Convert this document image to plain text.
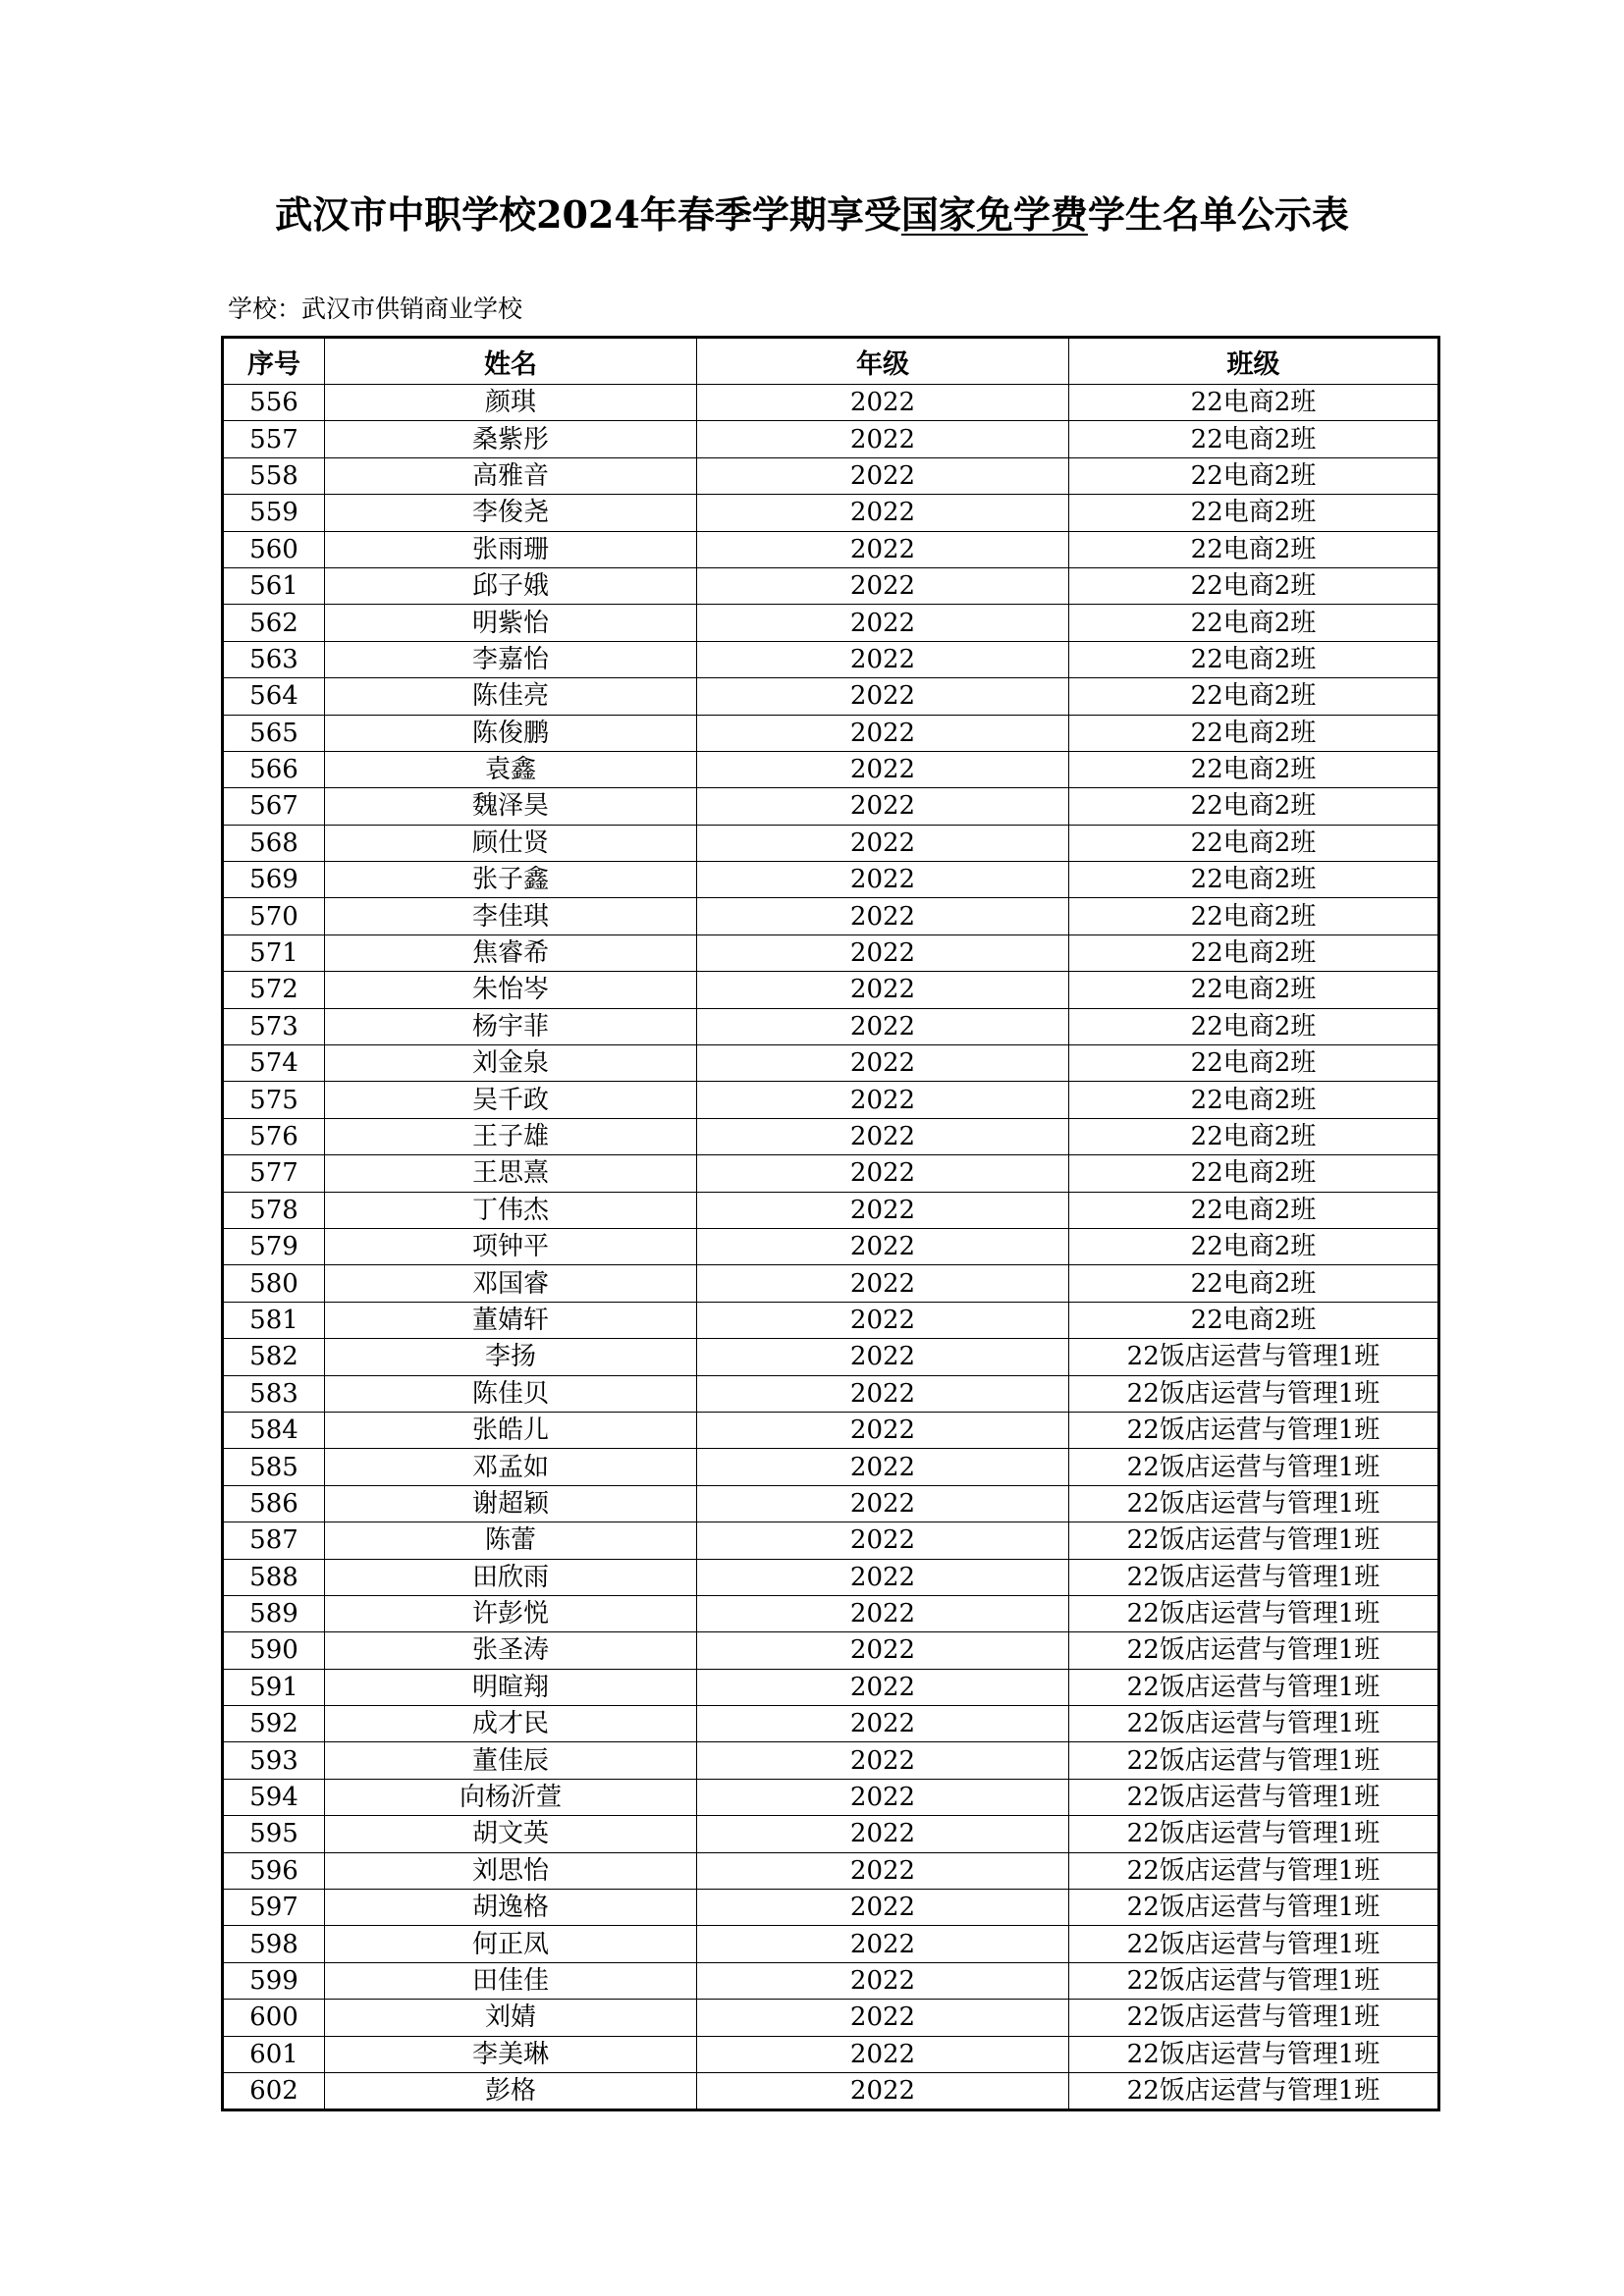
武汉市中职学校2024年春季学期享受国家免学费学生名单公示表
学校：武汉市供销商业学校
序号	姓名	年级	班级
556	颜琪	2022	22电商2班
557	桑紫彤	2022	22电商2班
558	高雅音	2022	22电商2班
559	李俊尧	2022	22电商2班
560	张雨珊	2022	22电商2班
561	邱子娥	2022	22电商2班
562	明紫怡	2022	22电商2班
563	李嘉怡	2022	22电商2班
564	陈佳亮	2022	22电商2班
565	陈俊鹏	2022	22电商2班
566	袁鑫	2022	22电商2班
567	魏泽昊	2022	22电商2班
568	顾仕贤	2022	22电商2班
569	张子鑫	2022	22电商2班
570	李佳琪	2022	22电商2班
571	焦睿希	2022	22电商2班
572	朱怡岑	2022	22电商2班
573	杨宇菲	2022	22电商2班
574	刘金泉	2022	22电商2班
575	吴千政	2022	22电商2班
576	王子雄	2022	22电商2班
577	王思熹	2022	22电商2班
578	丁伟杰	2022	22电商2班
579	项钟平	2022	22电商2班
580	邓国睿	2022	22电商2班
581	董婧轩	2022	22电商2班
582	李扬	2022	22饭店运营与管理1班
583	陈佳贝	2022	22饭店运营与管理1班
584	张皓儿	2022	22饭店运营与管理1班
585	邓孟如	2022	22饭店运营与管理1班
586	谢超颖	2022	22饭店运营与管理1班
587	陈蕾	2022	22饭店运营与管理1班
588	田欣雨	2022	22饭店运营与管理1班
589	许彭悦	2022	22饭店运营与管理1班
590	张圣涛	2022	22饭店运营与管理1班
591	明暄翔	2022	22饭店运营与管理1班
592	成才民	2022	22饭店运营与管理1班
593	董佳辰	2022	22饭店运营与管理1班
594	向杨沂萱	2022	22饭店运营与管理1班
595	胡文英	2022	22饭店运营与管理1班
596	刘思怡	2022	22饭店运营与管理1班
597	胡逸格	2022	22饭店运营与管理1班
598	何正凤	2022	22饭店运营与管理1班
599	田佳佳	2022	22饭店运营与管理1班
600	刘婧	2022	22饭店运营与管理1班
601	李美琳	2022	22饭店运营与管理1班
602	彭格	2022	22饭店运营与管理1班
